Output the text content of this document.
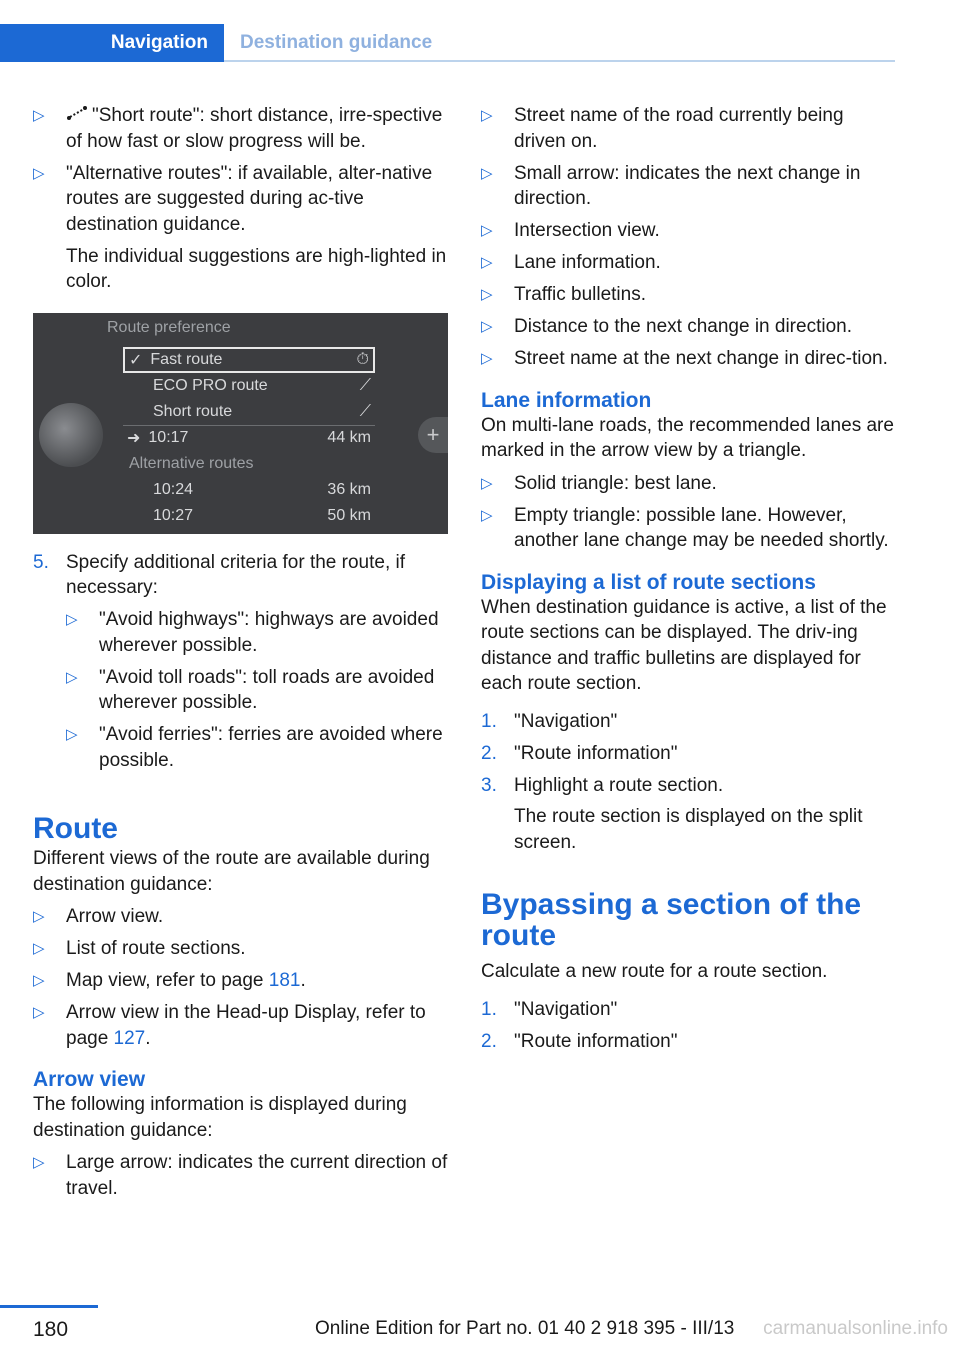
Navigation	Destination guidance
▷ "Short route": short distance, irre-spective of how fast or slow progress will be.
▷ "Alternative routes": if available, alter-native routes are suggested during ac-tive destination guidance.
The individual suggestions are high-lighted in color.
+
Route preference
✓ Fast route	⏱
ECO PRO route	⟋
Short route	⟋
➜ 10:17	44 km
Alternative routes
10:24	36 km
10:27	50 km
5. Specify additional criteria for the route, if necessary:
▷ "Avoid highways": highways are avoided wherever possible.
▷ "Avoid toll roads": toll roads are avoided wherever possible.
▷ "Avoid ferries": ferries are avoided where possible.
Route
Different views of the route are available during destination guidance:
▷ Arrow view.
▷ List of route sections.
▷ Map view, refer to page 181.
▷ Arrow view in the Head-up Display, refer to page 127.
Arrow view
The following information is displayed during destination guidance:
▷ Large arrow: indicates the current direction of travel.
▷ Street name of the road currently being driven on.
▷ Small arrow: indicates the next change in direction.
▷ Intersection view.
▷ Lane information.
▷ Traffic bulletins.
▷ Distance to the next change in direction.
▷ Street name at the next change in direc-tion.
Lane information
On multi-lane roads, the recommended lanes are marked in the arrow view by a triangle.
▷ Solid triangle: best lane.
▷ Empty triangle: possible lane. However, another lane change may be needed shortly.
Displaying a list of route sections
When destination guidance is active, a list of the route sections can be displayed. The driv-ing distance and traffic bulletins are displayed for each route section.
1. "Navigation"
2. "Route information"
3. Highlight a route section.
The route section is displayed on the split screen.
Bypassing a section of the route
Calculate a new route for a route section.
1. "Navigation"
2. "Route information"
180	Online Edition for Part no. 01 40 2 918 395 - III/13 carmanualsonline.info
